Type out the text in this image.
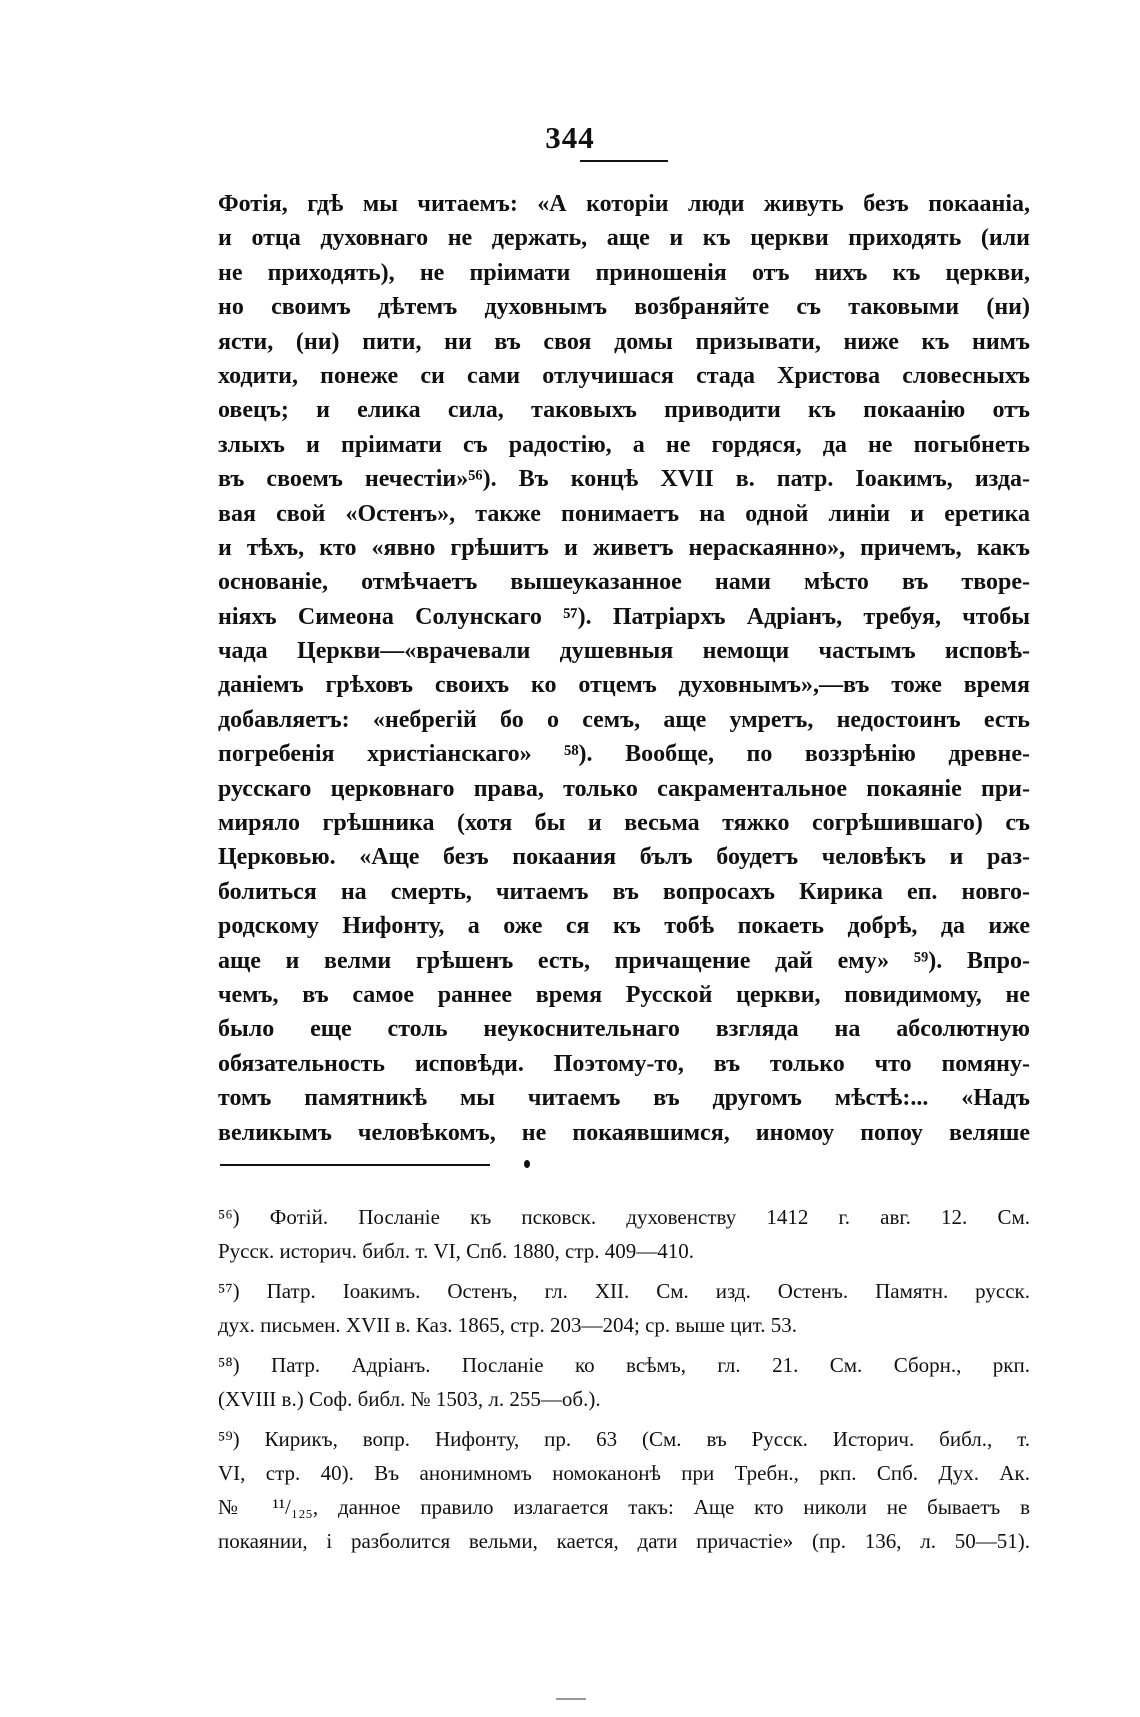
344
Фотія, гдѣ мы читаемъ: «А которіи люди живуть безъ покааніа,
и отца духовнаго не держать, аще и къ церкви приходять (или
не приходять), не пріимати приношенія отъ нихъ къ церкви,
но своимъ дѣтемъ духовнымъ возбраняйте съ таковыми (ни)
ясти, (ни) пити, ни въ своя домы призывати, ниже къ нимъ
ходити, понеже си сами отлучишася стада Христова словесныхъ
овецъ; и елика сила, таковыхъ приводити къ покаанію отъ
злыхъ и пріимати съ радостію, а не гордяся, да не погыбнеть
въ своемъ нечестіи»⁵⁶). Въ концѣ XVII в. патр. Іоакимъ, изда-
вая свой «Остенъ», также понимаетъ на одной линіи и еретика
и тѣхъ, кто «явно грѣшитъ и живетъ нераскаянно», причемъ, какъ
основаніе, отмѣчаетъ вышеуказанное нами мѣсто въ творе-
ніяхъ Симеона Солунскаго ⁵⁷). Патріархъ Адріанъ, требуя, чтобы
чада Церкви—«врачевали душевныя немощи частымъ исповѣ-
даніемъ грѣховъ своихъ ко отцемъ духовнымъ»,—въ тоже время
добавляетъ: «небрегій бо о семъ, аще умретъ, недостоинъ есть
погребенія христіанскаго» ⁵⁸). Вообще, по воззрѣнію древне-
русскаго церковнаго права, только сакраментальное покаяніе при-
миряло грѣшника (хотя бы и весьма тяжко согрѣшившаго) съ
Церковью. «Аще безъ покаания бълъ боудетъ человѣкъ и раз-
болиться на смерть, читаемъ въ вопросахъ Кирика еп. новго-
родскому Нифонту, а оже ся къ тобѣ покаеть добрѣ, да иже
аще и велми грѣшенъ есть, причащение дай ему» ⁵⁹). Впро-
чемъ, въ самое раннее время Русской церкви, повидимому, не
было еще столь неукоснительнаго взгляда на абсолютную
обязательность исповѣди. Поэтому-то, въ только что помяну-
томъ памятникѣ мы читаемъ въ другомъ мѣстѣ:... «Надъ
великымъ человѣкомъ, не покаявшимся, иномоу попоу веляше
⁵⁶) Фотій. Посланіе къ псковск. духовенству 1412 г. авг. 12. См.
Русск. историч. библ. т. VI, Спб. 1880, стр. 409—410.
⁵⁷) Патр. Іоакимъ. Остенъ, гл. XII. См. изд. Остенъ. Памятн. русск.
дух. письмен. XVII в. Каз. 1865, стр. 203—204; ср. выше цит. 53.
⁵⁸) Патр. Адріанъ. Посланіе ко всѣмъ, гл. 21. См. Сборн., ркп.
(XVIII в.) Соф. библ. № 1503, л. 255—об.).
⁵⁹) Кирикъ, вопр. Нифонту, пр. 63 (См. въ Русск. Историч. библ., т.
VI, стр. 40). Въ анонимномъ номоканонѣ при Требн., ркп. Спб. Дух. Ак.
№ ¹¹/₁₂₅, данное правило излагается такъ: Аще кто николи не бываетъ в
покаянии, і разболится вельми, кается, дати причастіе» (пр. 136, л. 50—51).
